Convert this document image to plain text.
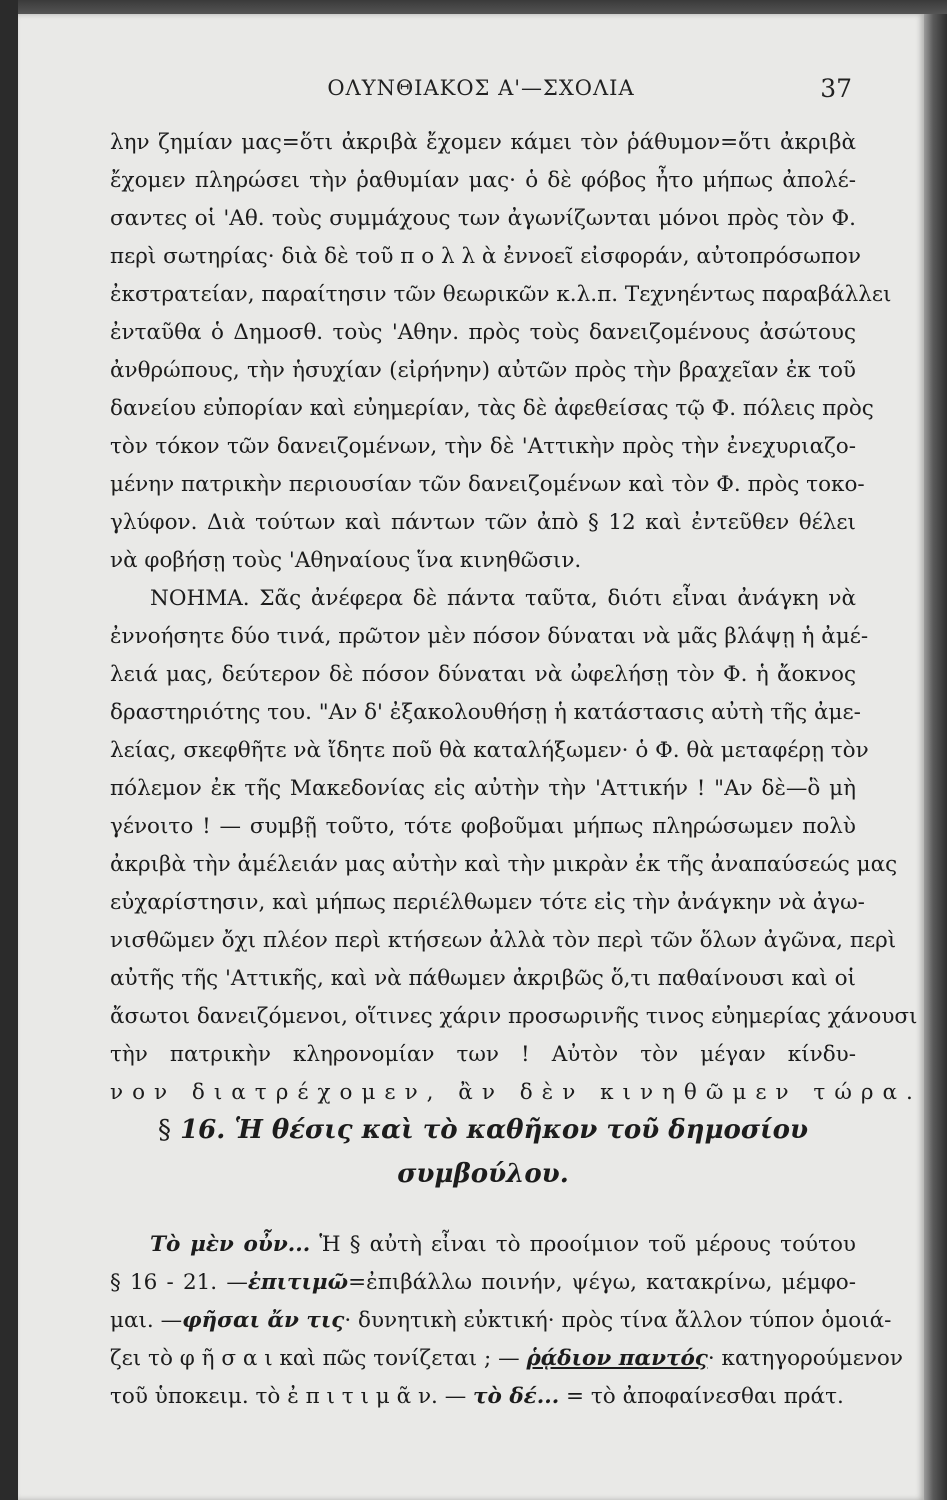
ΟΛΥΝΘΙΑΚΟΣ Α'—ΣΧΟΛΙΑ	37
λην ζημίαν μας=ὅτι ἀκριβὰ ἔχομεν κάμει τὸν ῥάθυμον=ὅτι ἀκριβὰ
ἔχομεν πληρώσει τὴν ῥαθυμίαν μας· ὁ δὲ φόβος ἦτο μήπως ἀπολέ-
σαντες οἱ 'Αθ. τοὺς συμμάχους των ἀγωνίζωνται μόνοι πρὸς τὸν Φ.
περὶ σωτηρίας· διὰ δὲ τοῦ π ο λ λ ὰ ἐννοεῖ εἰσφοράν, αὐτοπρόσωπον
ἐκστρατείαν, παραίτησιν τῶν θεωρικῶν κ.λ.π. Τεχνηέντως παραβάλλει
ἐνταῦθα ὁ Δημοσθ. τοὺς 'Αθην. πρὸς τοὺς δανειζομένους ἀσώτους
ἀνθρώπους, τὴν ἡσυχίαν (εἰρήνην) αὐτῶν πρὸς τὴν βραχεῖαν ἐκ τοῦ
δανείου εὐπορίαν καὶ εὐημερίαν, τὰς δὲ ἀφεθείσας τῷ Φ. πόλεις πρὸς
τὸν τόκον τῶν δανειζομένων, τὴν δὲ 'Αττικὴν πρὸς τὴν ἐνεχυριαζο-
μένην πατρικὴν περιουσίαν τῶν δανειζομένων καὶ τὸν Φ. πρὸς τοκο-
γλύφον. Διὰ τούτων καὶ πάντων τῶν ἀπὸ § 12 καὶ ἐντεῦθεν θέλει
νὰ φοβήσῃ τοὺς 'Αθηναίους ἵνα κινηθῶσιν.
ΝΟΗΜΑ. Σᾶς ἀνέφερα δὲ πάντα ταῦτα, διότι εἶναι ἀνάγκη νὰ
ἐννοήσητε δύο τινά, πρῶτον μὲν πόσον δύναται νὰ μᾶς βλάψῃ ἡ ἀμέ-
λειά μας, δεύτερον δὲ πόσον δύναται νὰ ὠφελήσῃ τὸν Φ. ἡ ἄοκνος
δραστηριότης του. "Αν δ' ἐξακολουθήσῃ ἡ κατάστασις αὐτὴ τῆς ἀμε-
λείας, σκεφθῆτε νὰ ἴδητε ποῦ θὰ καταλήξωμεν· ὁ Φ. θὰ μεταφέρῃ τὸν
πόλεμον ἐκ τῆς Μακεδονίας εἰς αὐτὴν τὴν 'Αττικήν ! "Αν δὲ—ὃ μὴ
γένοιτο ! — συμβῇ τοῦτο, τότε φοβοῦμαι μήπως πληρώσωμεν πολὺ
ἀκριβὰ τὴν ἀμέλειάν μας αὐτὴν καὶ τὴν μικρὰν ἐκ τῆς ἀναπαύσεώς μας
εὐχαρίστησιν, καὶ μήπως περιέλθωμεν τότε εἰς τὴν ἀνάγκην νὰ ἀγω-
νισθῶμεν ὄχι πλέον περὶ κτήσεων ἀλλὰ τὸν περὶ τῶν ὅλων ἀγῶνα, περὶ
αὐτῆς τῆς 'Αττικῆς, καὶ νὰ πάθωμεν ἀκριβῶς ὅ,τι παθαίνουσι καὶ οἱ
ἄσωτοι δανειζόμενοι, οἵτινες χάριν προσωρινῆς τινος εὐημερίας χάνουσι
τὴν πατρικὴν κληρονομίαν των ! Αὐτὸν τὸν μέγαν κίνδυ-
νον διατρέχομεν, ἂν δὲν κινηθῶμεν τώρα.
§ 16. Ἡ θέσις καὶ τὸ καθῆκον τοῦ δημοσίου
συμβούλου.
Τὸ μὲν οὖν... Ἡ § αὐτὴ εἶναι τὸ προοίμιον τοῦ μέρους τούτου
§ 16 - 21. —ἐπιτιμῶ=ἐπιβάλλω ποινήν, ψέγω, κατακρίνω, μέμφο-
μαι. —φῆσαι ἄν τις· δυνητικὴ εὐκτική· πρὸς τίνα ἄλλον τύπον ὁμοιά-
ζει τὸ φ ῆ σ α ι καὶ πῶς τονίζεται ; — ῥᾴδιον παντός· κατηγορούμενον
τοῦ ὑποκειμ. τὸ ἐ π ι τ ι μ ᾶ ν. — τὸ δέ... = τὸ ἀποφαίνεσθαι πράτ.
